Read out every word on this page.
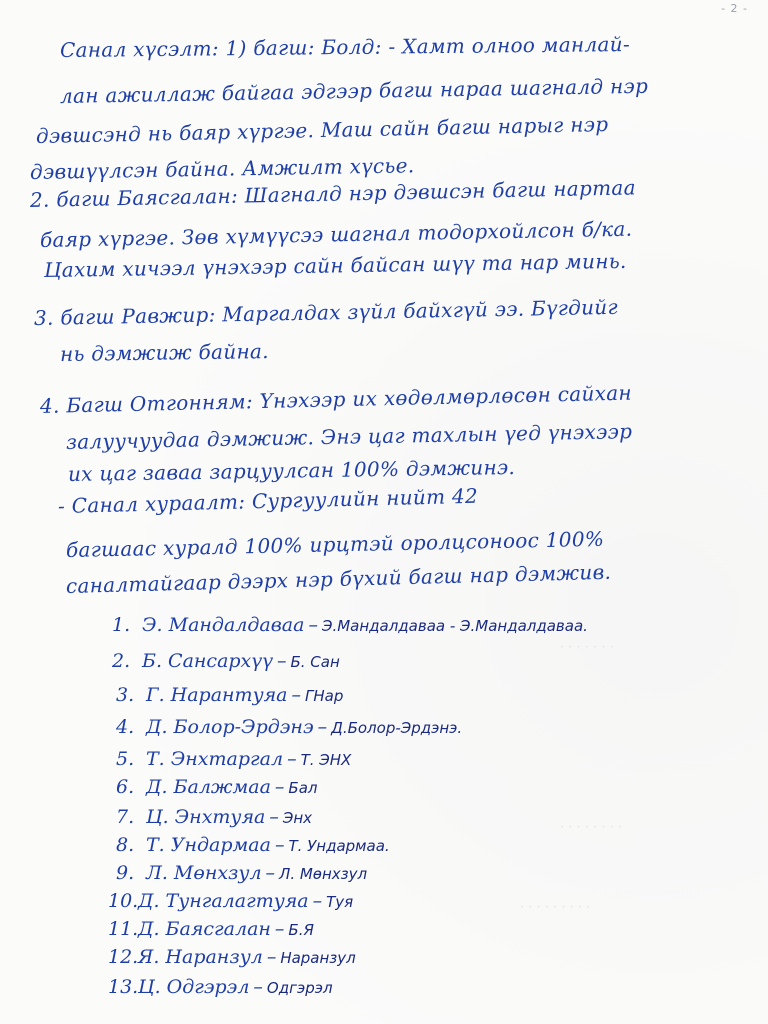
- 2 -
· · · · · · ·
· · · · · · · ·
· · · · · · · · ·
Санал хүсэлт: 1) багш: Болд: - Хамт олноо манлай-
лан ажиллаж байгаа эдгээр багш нараа шагналд нэр
дэвшсэнд нь баяр хүргэе. Маш сайн багш нарыг нэр
дэвшүүлсэн байна. Амжилт хүсье.
2. багш Баясгалан: Шагналд нэр дэвшсэн багш нартаа
баяр хүргэе. Зөв хүмүүсээ шагнал тодорхойлсон б/ка.
Цахим хичээл үнэхээр сайн байсан шүү та нар минь.
3. багш Равжир: Маргалдах зүйл байхгүй ээ. Бүгдийг
нь дэмжиж байна.
4. Багш Отгонням: Үнэхээр их хөдөлмөрлөсөн сайхан
залуучуудаа дэмжиж. Энэ цаг тахлын үед үнэхээр
их цаг заваа зарцуулсан 100% дэмжинэ.
- Санал хураалт: Сургуулийн нийт 42
багшаас хуралд 100% ирцтэй оролцсоноос 100%
саналтайгаар дээрх нэр бүхий багш нар дэмжив.
1. Э. Мандалдаваа – Э.Мандалдаваа - Э.Мандалдаваа.
2. Б. Сансархүү – Б. Сан
3. Г. Нарантуяа – ГНар
4. Д. Болор-Эрдэнэ – Д.Болор-Эрдэнэ.
5. Т. Энхтаргал – Т. ЭНХ
6. Д. Балжмаа – Бал
7. Ц. Энхтуяа – Энх
8. Т. Ундармаа – Т. Ундармаа.
9. Л. Мөнхзул – Л. Мөнхзул
10.Д. Тунгалагтуяа – Туя
11.Д. Баясгалан – Б.Я
12.Я. Наранзул – Наранзул
13.Ц. Одгэрэл – Одгэрэл
